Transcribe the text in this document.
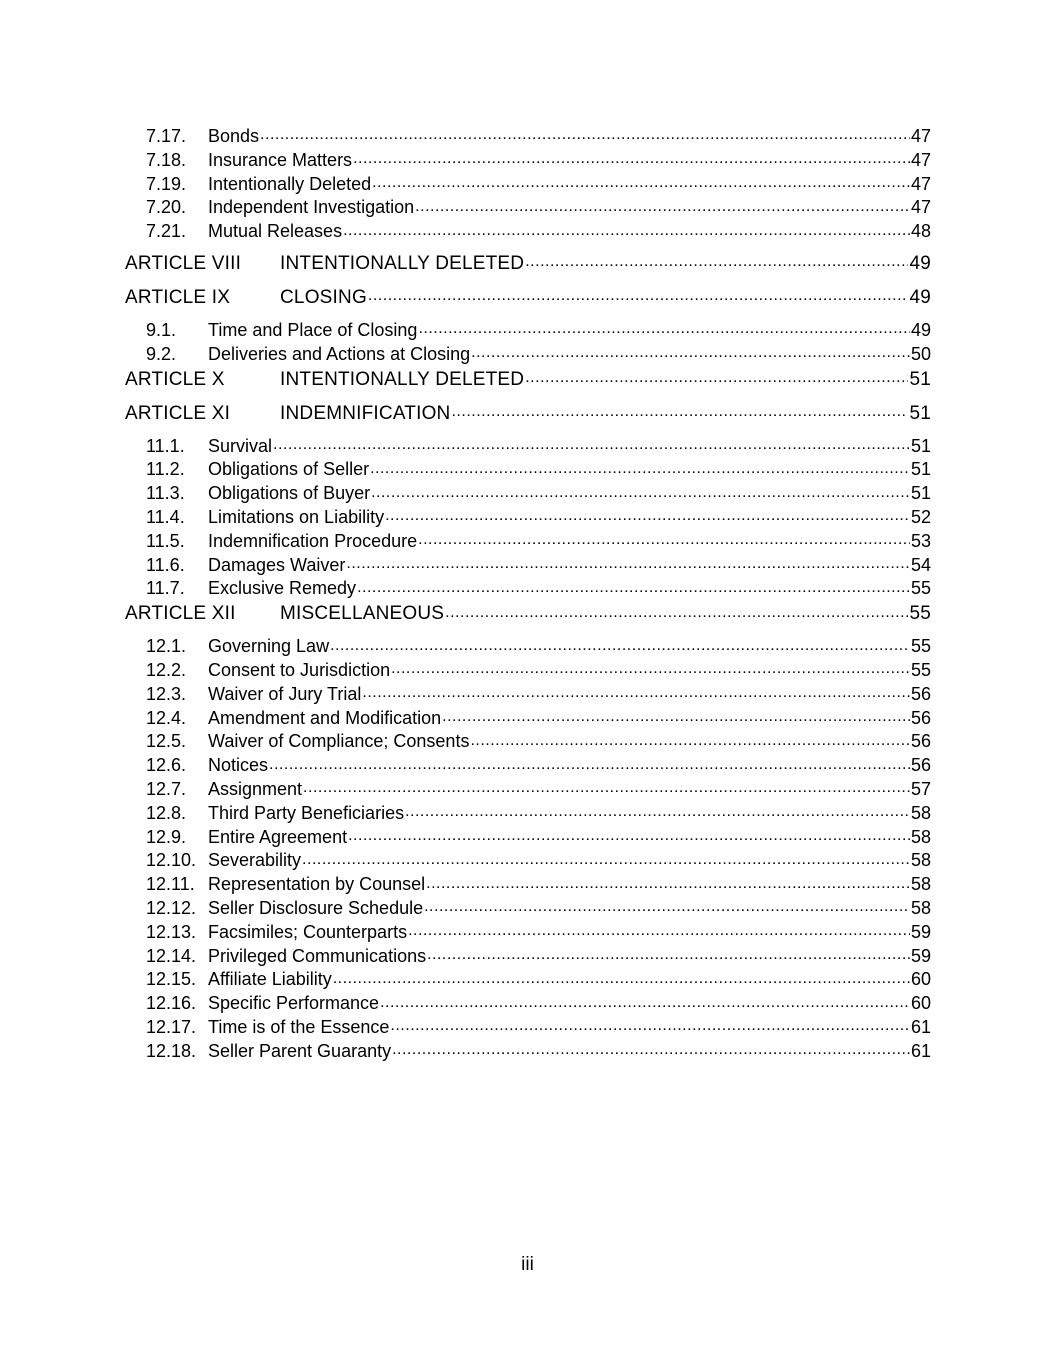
7.17.	Bonds .....	47
7.18.	Insurance Matters .....	47
7.19.	Intentionally Deleted .....	47
7.20.	Independent Investigation .....	47
7.21.	Mutual Releases .....	48
ARTICLE VIII	INTENTIONALLY DELETED .....	49
ARTICLE IX	CLOSING .....	49
9.1.	Time and Place of Closing .....	49
9.2.	Deliveries and Actions at Closing .....	50
ARTICLE X	INTENTIONALLY DELETED .....	51
ARTICLE XI	INDEMNIFICATION .....	51
11.1.	Survival .....	51
11.2.	Obligations of Seller .....	51
11.3.	Obligations of Buyer .....	51
11.4.	Limitations on Liability .....	52
11.5.	Indemnification Procedure .....	53
11.6.	Damages Waiver .....	54
11.7.	Exclusive Remedy .....	55
ARTICLE XII	MISCELLANEOUS .....	55
12.1.	Governing Law .....	55
12.2.	Consent to Jurisdiction .....	55
12.3.	Waiver of Jury Trial .....	56
12.4.	Amendment and Modification .....	56
12.5.	Waiver of Compliance; Consents .....	56
12.6.	Notices .....	56
12.7.	Assignment .....	57
12.8.	Third Party Beneficiaries .....	58
12.9.	Entire Agreement .....	58
12.10. Severability .....	58
12.11. Representation by Counsel .....	58
12.12. Seller Disclosure Schedule .....	58
12.13. Facsimiles; Counterparts .....	59
12.14. Privileged Communications .....	59
12.15. Affiliate Liability .....	60
12.16. Specific Performance .....	60
12.17. Time is of the Essence .....	61
12.18. Seller Parent Guaranty .....	61
iii
